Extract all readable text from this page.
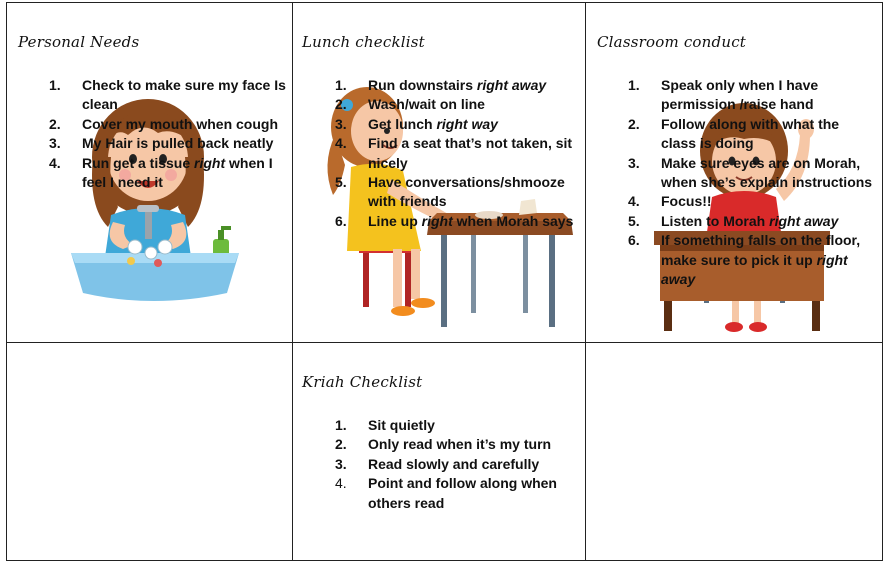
Personal Needs
1. Check to make sure my face Is clean
2. Cover my mouth when cough
3. My Hair is pulled back neatly
4. Run get a tissue right when I feel I need it
Lunch checklist
1. Run downstairs right away
2. Wash/wait on line
3. Get lunch right way
4. Find a seat that’s not taken, sit nicely
5. Have conversations/shmooze with friends
6. Line up right when Morah says
Classroom conduct
1. Speak only when I have permission /raise hand
2. Follow along with what the class is doing
3. Make sure eyes are on Morah, when she’s explain instructions
4. Focus!!
5. Listen to Morah right away
6. If something falls on the floor, make sure to pick it up right away
Kriah Checklist
1. Sit quietly
2. Only read when it’s my turn
3. Read slowly and carefully
4. Point and follow along when others read
